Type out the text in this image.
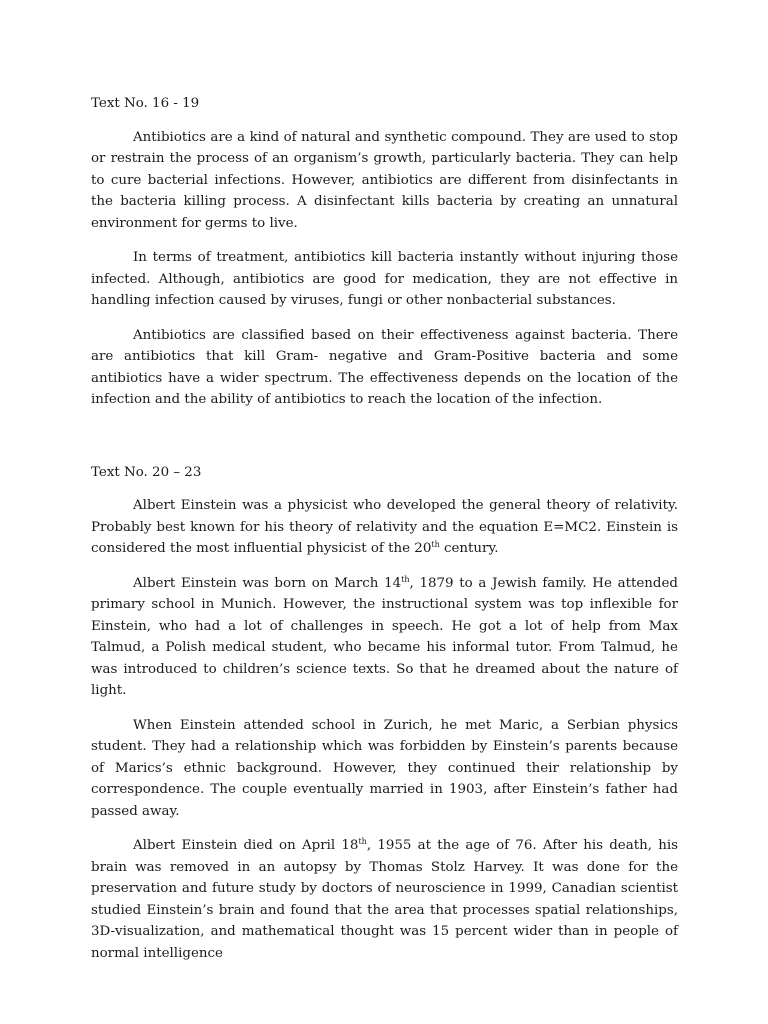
Text No. 16 - 19

Antibiotics are a kind of natural and synthetic compound. They are used to stop or restrain the process of an organism’s growth, particularly bacteria. They can help to cure bacterial infections. However, antibiotics are different from disinfectants in the bacteria killing process. A disinfectant kills bacteria by creating an unnatural environment for germs to live.

In terms of treatment, antibiotics kill bacteria instantly without injuring those infected. Although, antibiotics are good for medication, they are not effective in handling infection caused by viruses, fungi or other nonbacterial substances.

Antibiotics are classified based on their effectiveness against bacteria. There are antibiotics that kill Gram- negative and Gram-Positive bacteria and some antibiotics have a wider spectrum. The effectiveness depends on the location of the infection and the ability of antibiotics to reach the location of the infection.

Text No. 20 – 23

Albert Einstein was a physicist who developed the general theory of relativity. Probably best known for his theory of relativity and the equation E=MC2. Einstein is considered the most influential physicist of the 20th century.

Albert Einstein was born on March 14th, 1879 to a Jewish family. He attended primary school in Munich. However, the instructional system was top inflexible for Einstein, who had a lot of challenges in speech. He got a lot of help from Max Talmud, a Polish medical student, who became his informal tutor. From Talmud, he was introduced to children’s science texts. So that he dreamed about the nature of light.

When Einstein attended school in Zurich, he met Maric, a Serbian physics student. They had a relationship which was forbidden by Einstein’s parents because of Marics’s ethnic background. However, they continued their relationship by correspondence. The couple eventually married in 1903, after Einstein’s father had passed away.

Albert Einstein died on April 18th, 1955 at the age of 76. After his death, his brain was removed in an autopsy by Thomas Stolz Harvey. It was done for the preservation and future study by doctors of neuroscience in 1999, Canadian scientist studied Einstein’s brain and found that the area that processes spatial relationships, 3D-visualization, and mathematical thought was 15 percent wider than in people of normal intelligence
